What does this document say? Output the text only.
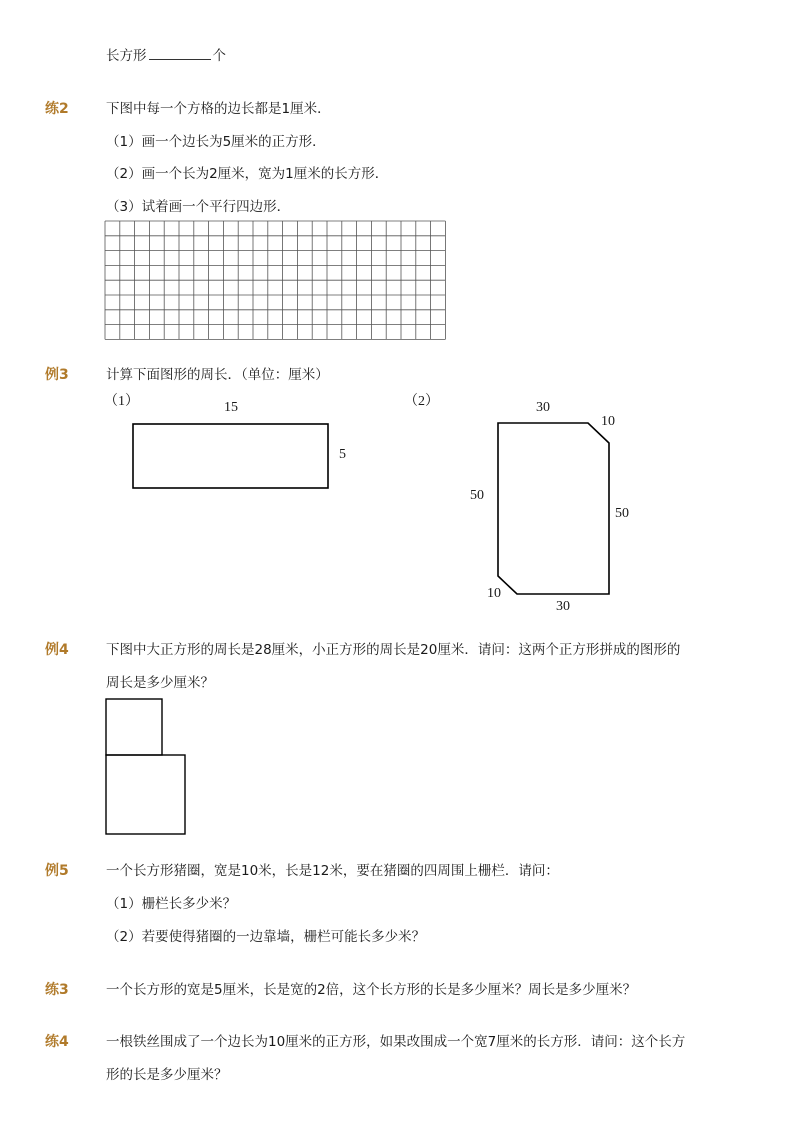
长方形	个
练2	下图中每一个方格的边长都是1厘米．
（1）画一个边长为5厘米的正方形．
（2）画一个长为2厘米，宽为1厘米的长方形．
（3）试着画一个平行四边形．
例3	计算下面图形的周长．（单位：厘米）
（1）	15
5
（2）	30
10
50
50
10
30
例4	下图中大正方形的周长是28厘米，小正方形的周长是20厘米．请问：这两个正方形拼成的图形的
周长是多少厘米？
例5	一个长方形猪圈，宽是10米，长是12米，要在猪圈的四周围上栅栏．请问：
（1）栅栏长多少米？
（2）若要使得猪圈的一边靠墙，栅栏可能长多少米？
练3	一个长方形的宽是5厘米，长是宽的2倍，这个长方形的长是多少厘米？周长是多少厘米？
练4	一根铁丝围成了一个边长为10厘米的正方形，如果改围成一个宽7厘米的长方形．请问：这个长方
形的长是多少厘米？
